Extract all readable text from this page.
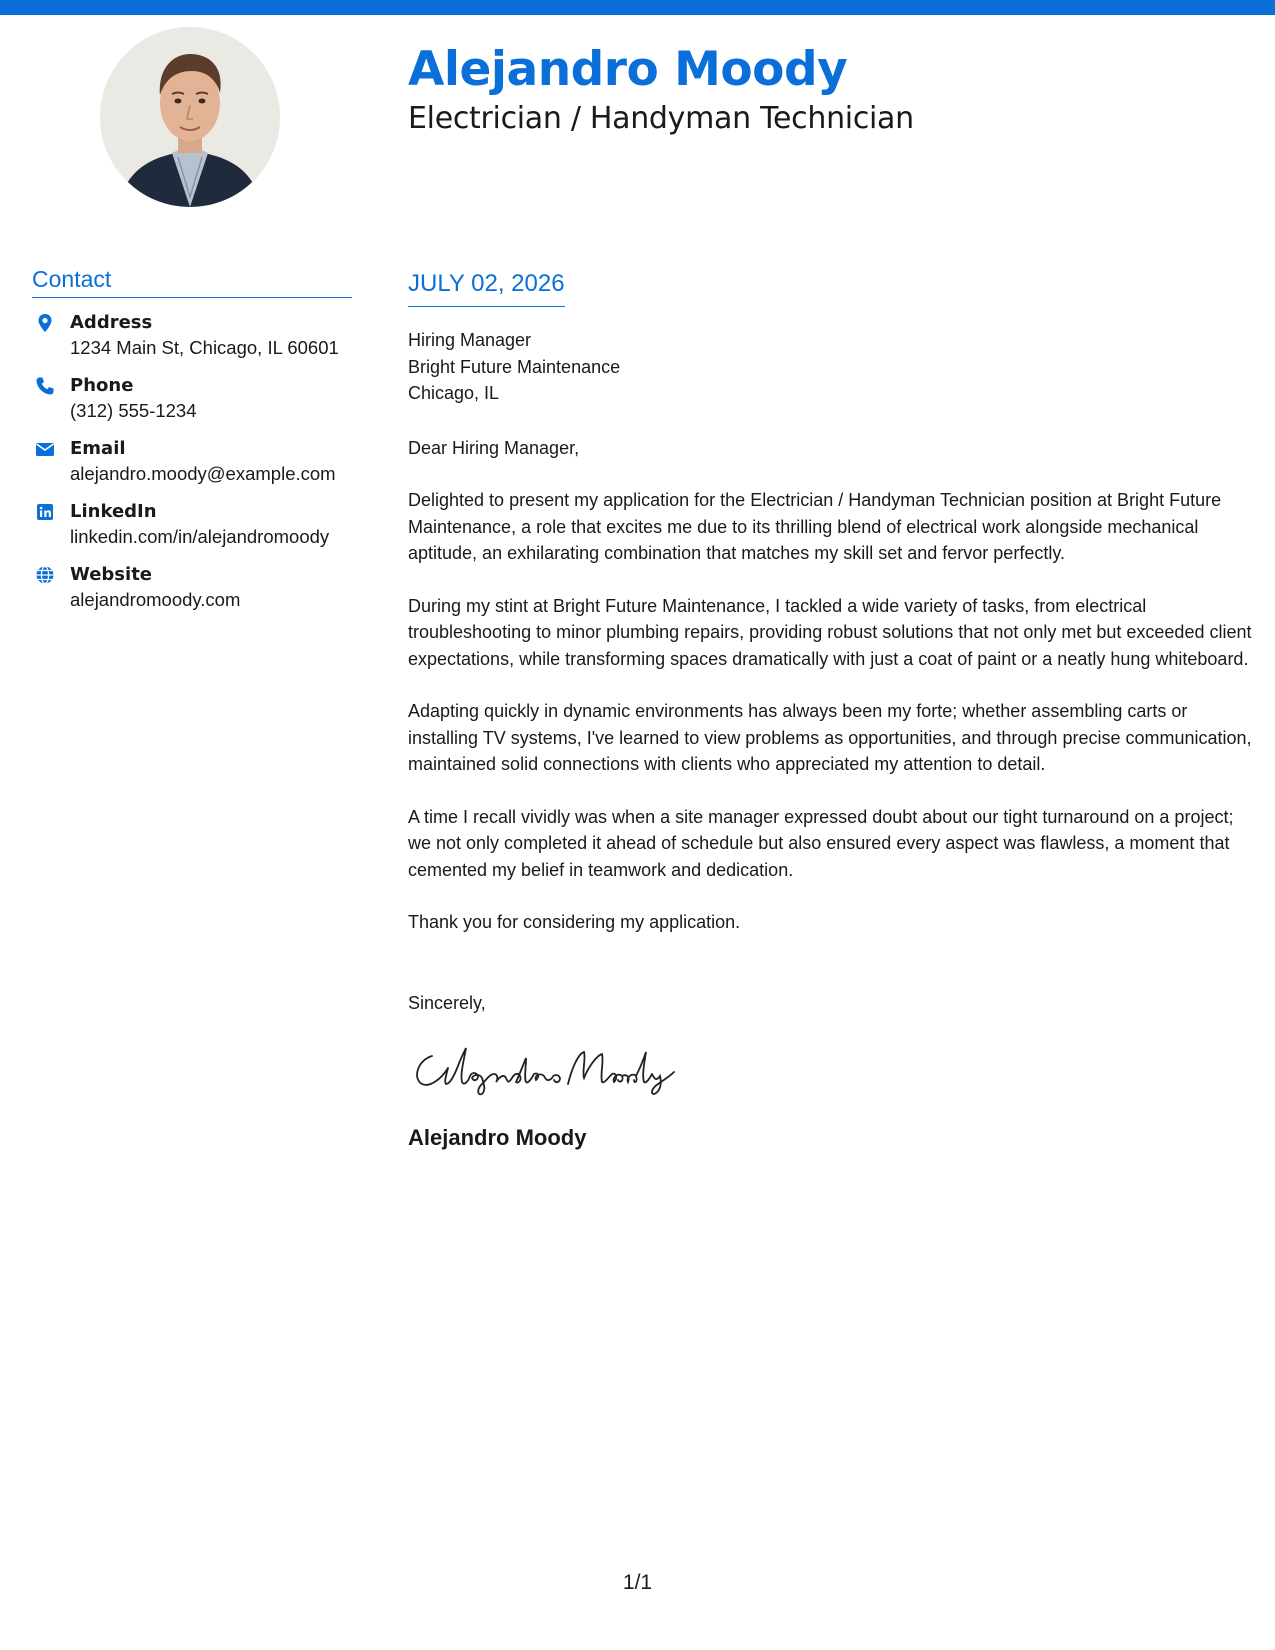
Alejandro Moody
Electrician / Handyman Technician
Contact
Address
1234 Main St, Chicago, IL 60601
Phone
(312) 555-1234
Email
alejandro.moody@example.com
LinkedIn
linkedin.com/in/alejandromoody
Website
alejandromoody.com
JULY 02, 2026
Hiring Manager
Bright Future Maintenance
Chicago, IL
Dear Hiring Manager,
Delighted to present my application for the Electrician / Handyman Technician position at Bright Future Maintenance, a role that excites me due to its thrilling blend of electrical work alongside mechanical aptitude, an exhilarating combination that matches my skill set and fervor perfectly.
During my stint at Bright Future Maintenance, I tackled a wide variety of tasks, from electrical troubleshooting to minor plumbing repairs, providing robust solutions that not only met but exceeded client expectations, while transforming spaces dramatically with just a coat of paint or a neatly hung whiteboard.
Adapting quickly in dynamic environments has always been my forte; whether assembling carts or installing TV systems, I've learned to view problems as opportunities, and through precise communication, maintained solid connections with clients who appreciated my attention to detail.
A time I recall vividly was when a site manager expressed doubt about our tight turnaround on a project; we not only completed it ahead of schedule but also ensured every aspect was flawless, a moment that cemented my belief in teamwork and dedication.
Thank you for considering my application.
Sincerely,
Alejandro Moody
1/1
